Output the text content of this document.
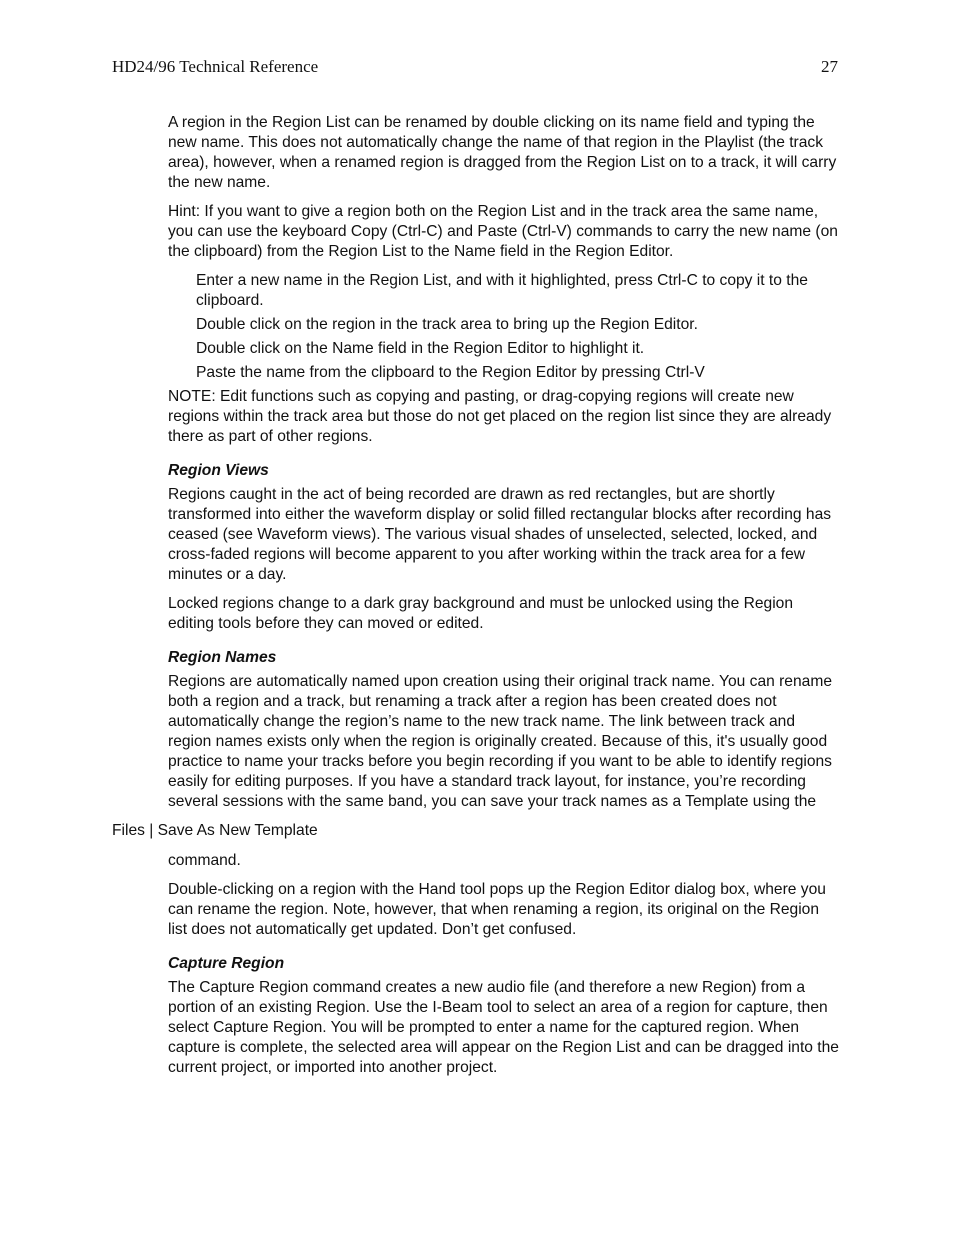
HD24/96 Technical Reference	27

A region in the Region List can be renamed by double clicking on its name field and typing the new name. This does not automatically change the name of that region in the Playlist (the track area), however, when a renamed region is dragged from the Region List on to a track, it will carry the new name.

Hint: If you want to give a region both on the Region List and in the track area the same name, you can use the keyboard Copy (Ctrl-C) and Paste (Ctrl-V) commands to carry the new name (on the clipboard) from the Region List to the Name field in the Region Editor.

Enter a new name in the Region List, and with it highlighted, press Ctrl-C to copy it to the clipboard.

Double click on the region in the track area to bring up the Region Editor.

Double click on the Name field in the Region Editor to highlight it.

Paste the name from the clipboard to the Region Editor by pressing Ctrl-V

NOTE: Edit functions such as copying and pasting, or drag-copying regions will create new regions within the track area but those do not get placed on the region list since they are already there as part of other regions.

Region Views

Regions caught in the act of being recorded are drawn as red rectangles, but are shortly transformed into either the waveform display or solid filled rectangular blocks after recording has ceased (see Waveform views). The various visual shades of unselected, selected, locked, and cross-faded regions will become apparent to you after working within the track area for a few minutes or a day.

Locked regions change to a dark gray background and must be unlocked using the Region editing tools before they can moved or edited.

Region Names

Regions are automatically named upon creation using their original track name. You can rename both a region and a track, but renaming a track after a region has been created does not automatically change the region’s name to the new track name. The link between track and region names exists only when the region is originally created. Because of this, it's usually good practice to name your tracks before you begin recording if you want to be able to identify regions easily for editing purposes. If you have a standard track layout, for instance, you’re recording several sessions with the same band, you can save your track names as a Template using the

Files | Save As New Template

command.

Double-clicking on a region with the Hand tool pops up the Region Editor dialog box, where you can rename the region. Note, however, that when renaming a region, its original on the Region list does not automatically get updated. Don’t get confused.

Capture Region

The Capture Region command creates a new audio file (and therefore a new Region) from a portion of an existing Region. Use the I-Beam tool to select an area of a region for capture, then select Capture Region. You will be prompted to enter a name for the captured region. When capture is complete, the selected area will appear on the Region List and can be dragged into the current project, or imported into another project.
